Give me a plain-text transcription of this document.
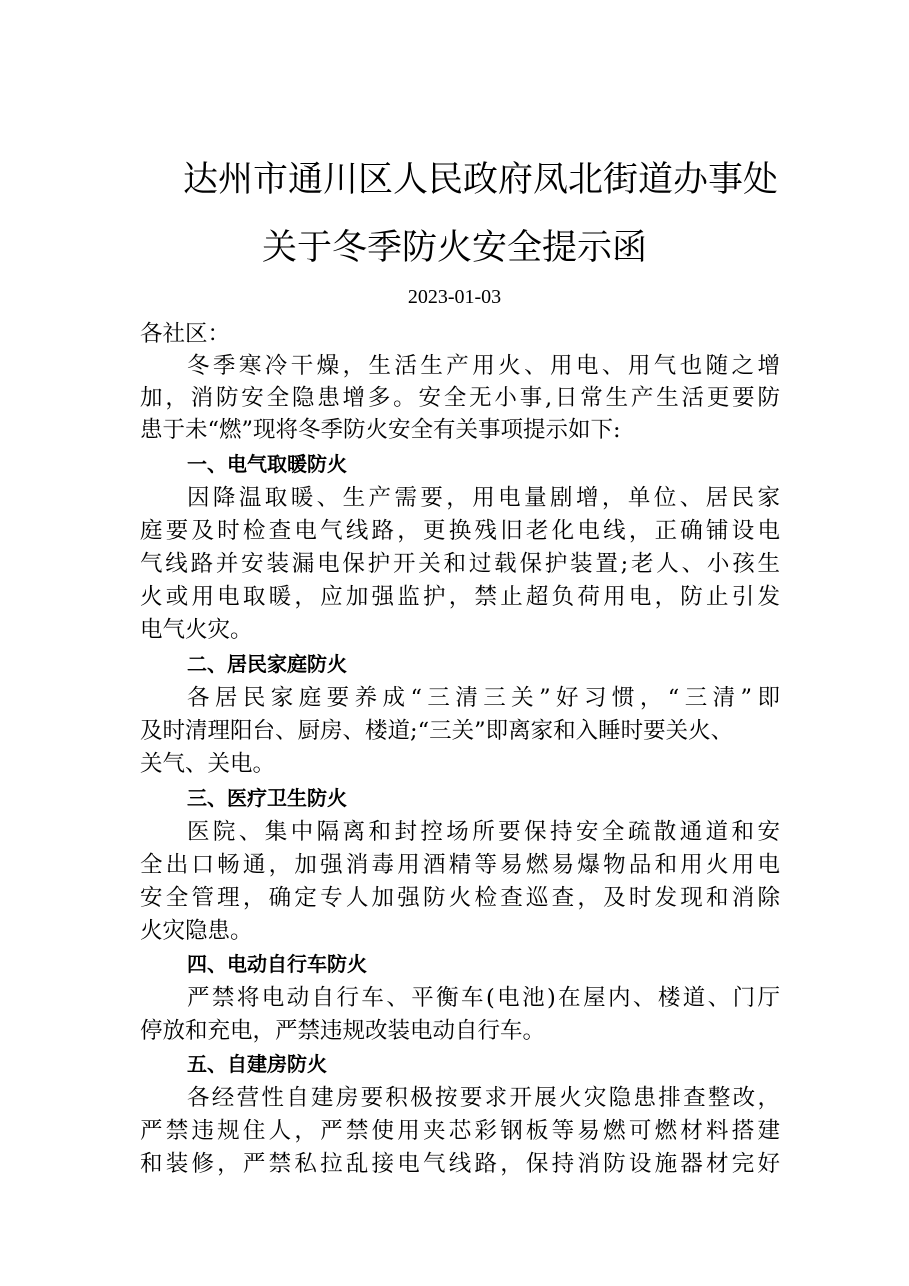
达州市通川区人民政府凤北街道办事处
关于冬季防火安全提示函
2023-01-03
各社区：
冬季寒冷干燥，生活生产用火、用电、用气也随之增
加，消防安全隐患增多。安全无小事,日常生产生活更要防
患于未“燃”现将冬季防火安全有关事项提示如下:
一、电气取暖防火
因降温取暖、生产需要，用电量剧增，单位、居民家
庭要及时检查电气线路，更换残旧老化电线，正确铺设电
气线路并安装漏电保护开关和过载保护装置;老人、小孩生
火或用电取暖，应加强监护，禁止超负荷用电，防止引发
电气火灾。
二、居民家庭防火
各居民家庭要养成“三清三关”好习惯，“三清”即
及时清理阳台、厨房、楼道;“三关”即离家和入睡时要关火、
关气、关电。
三、医疗卫生防火
医院、集中隔离和封控场所要保持安全疏散通道和安
全出口畅通，加强消毒用酒精等易燃易爆物品和用火用电
安全管理，确定专人加强防火检查巡查，及时发现和消除
火灾隐患。
四、电动自行车防火
严禁将电动自行车、平衡车(电池)在屋内、楼道、门厅
停放和充电，严禁违规改装电动自行车。
五、自建房防火
各经营性自建房要积极按要求开展火灾隐患排查整改，
严禁违规住人，严禁使用夹芯彩钢板等易燃可燃材料搭建
和装修，严禁私拉乱接电气线路，保持消防设施器材完好
